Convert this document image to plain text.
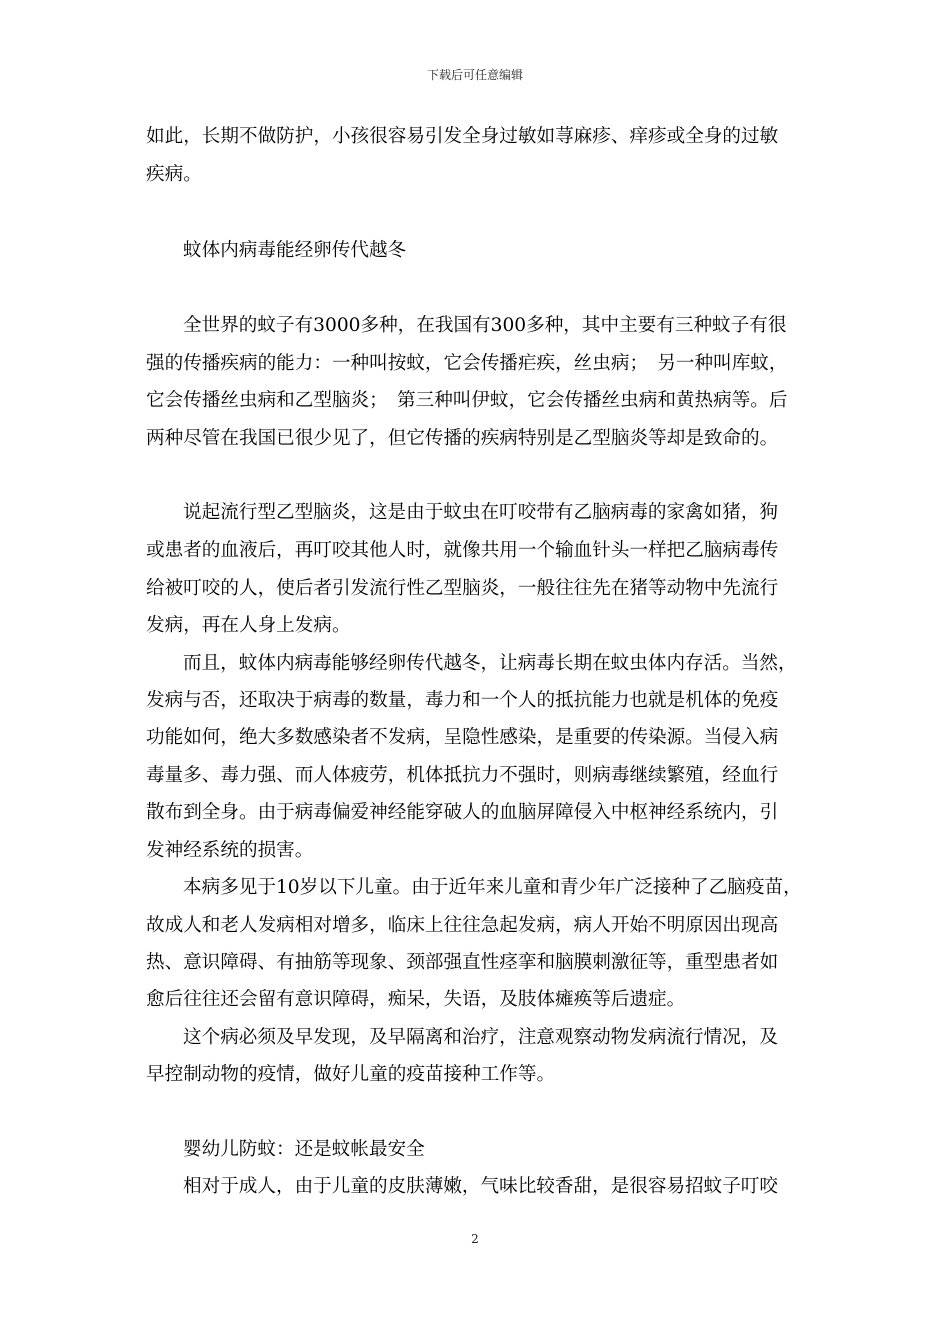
下载后可任意编辑
如此，长期不做防护，小孩很容易引发全身过敏如荨麻疹、痒疹或全身的过敏
疾病。
蚊体内病毒能经卵传代越冬
全世界的蚊子有3000多种，在我国有300多种，其中主要有三种蚊子有很
强的传播疾病的能力：一种叫按蚊，它会传播疟疾，丝虫病；　另一种叫库蚊，
它会传播丝虫病和乙型脑炎；　第三种叫伊蚊，它会传播丝虫病和黄热病等。后
两种尽管在我国已很少见了，但它传播的疾病特别是乙型脑炎等却是致命的。
说起流行型乙型脑炎，这是由于蚊虫在叮咬带有乙脑病毒的家禽如猪，狗
或患者的血液后，再叮咬其他人时，就像共用一个输血针头一样把乙脑病毒传
给被叮咬的人，使后者引发流行性乙型脑炎，一般往往先在猪等动物中先流行
发病，再在人身上发病。
而且，蚊体内病毒能够经卵传代越冬，让病毒长期在蚊虫体内存活。当然，
发病与否，还取决于病毒的数量，毒力和一个人的抵抗能力也就是机体的免疫
功能如何，绝大多数感染者不发病，呈隐性感染，是重要的传染源。当侵入病
毒量多、毒力强、而人体疲劳，机体抵抗力不强时，则病毒继续繁殖，经血行
散布到全身。由于病毒偏爱神经能穿破人的血脑屏障侵入中枢神经系统内，引
发神经系统的损害。
本病多见于10岁以下儿童。由于近年来儿童和青少年广泛接种了乙脑疫苗，
故成人和老人发病相对增多，临床上往往急起发病，病人开始不明原因出现高
热、意识障碍、有抽筋等现象、颈部强直性痉挛和脑膜刺激征等，重型患者如
愈后往往还会留有意识障碍，痴呆，失语，及肢体瘫痪等后遗症。
这个病必须及早发现，及早隔离和治疗，注意观察动物发病流行情况，及
早控制动物的疫情，做好儿童的疫苗接种工作等。
婴幼儿防蚊：还是蚊帐最安全
相对于成人，由于儿童的皮肤薄嫩，气味比较香甜，是很容易招蚊子叮咬
2
